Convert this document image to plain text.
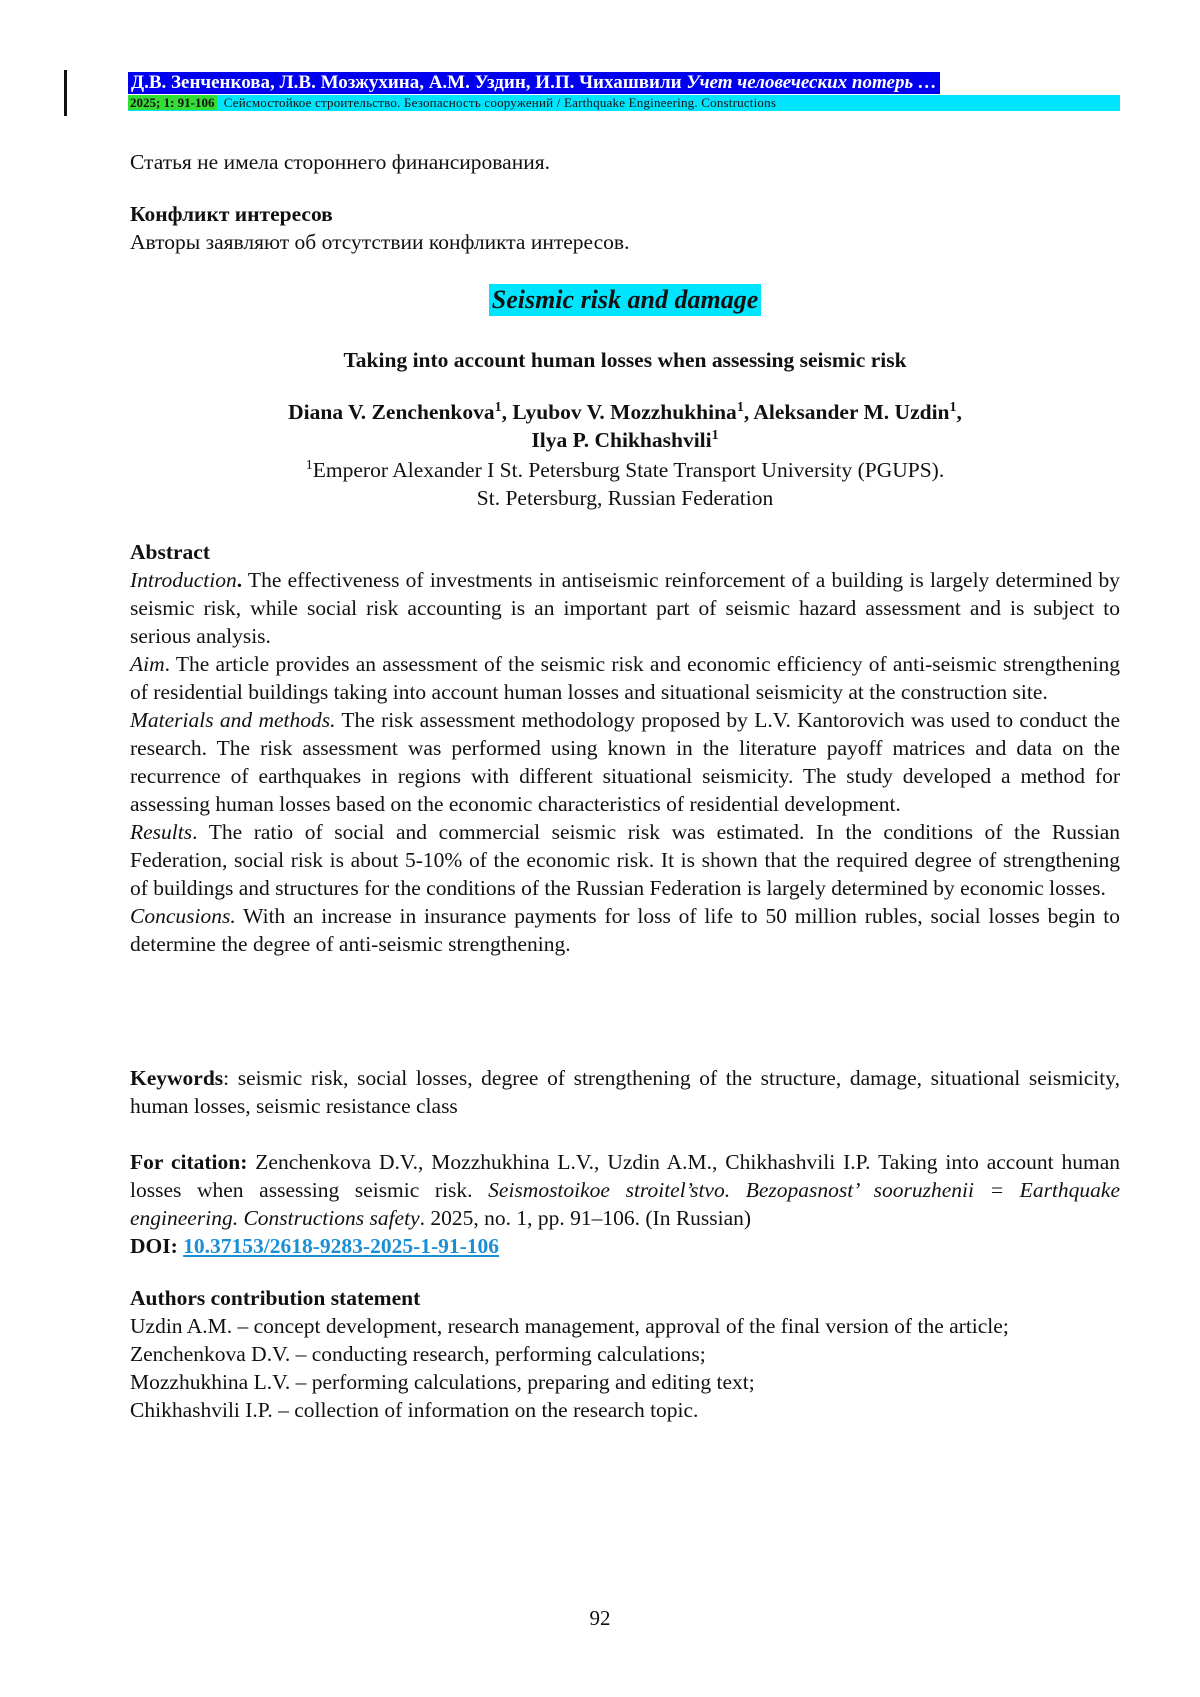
Д.В. Зенченкова, Л.В. Мозжухина, А.М. Уздин, И.П. Чихашвили Учет человеческих потерь …
2025; 1: 91-106 Сейсмостойкое строительство. Безопасность сооружений / Earthquake Engineering. Constructions

Статья не имела стороннего финансирования.

Конфликт интересов

Авторы заявляют об отсутствии конфликта интересов.

Seismic risk and damage

Taking into account human losses when assessing seismic risk

Diana V. Zenchenkova1, Lyubov V. Mozzhukhina1, Aleksander M. Uzdin1,

Ilya P. Chikhashvili1

1Emperor Alexander I St. Petersburg State Transport University (PGUPS).

St. Petersburg, Russian Federation

Abstract

Introduction. The effectiveness of investments in antiseismic reinforcement of a building is largely determined by seismic risk, while social risk accounting is an important part of seismic hazard assessment and is subject to serious analysis.

Aim. The article provides an assessment of the seismic risk and economic efficiency of anti-seismic strengthening of residential buildings taking into account human losses and situational seismicity at the construction site.

Materials and methods. The risk assessment methodology proposed by L.V. Kantorovich was used to conduct the research. The risk assessment was performed using known in the literature payoff matrices and data on the recurrence of earthquakes in regions with different situational seismicity. The study developed a method for assessing human losses based on the economic characteristics of residential development.

Results. The ratio of social and commercial seismic risk was estimated. In the conditions of the Russian Federation, social risk is about 5-10% of the economic risk. It is shown that the required degree of strengthening of buildings and structures for the conditions of the Russian Federation is largely determined by economic losses.

Concusions. With an increase in insurance payments for loss of life to 50 million rubles, social losses begin to determine the degree of anti-seismic strengthening.

Keywords: seismic risk, social losses, degree of strengthening of the structure, damage, situational seismicity, human losses, seismic resistance class

For citation: Zenchenkova D.V., Mozzhukhina L.V., Uzdin A.M., Chikhashvili I.P. Taking into account human losses when assessing seismic risk. Seismostoikoe stroitel’stvo. Bezopasnost’ sooruzhenii = Earthquake engineering. Constructions safety. 2025, no. 1, pp. 91–106. (In Russian)

DOI: 10.37153/2618-9283-2025-1-91-106

Authors contribution statement

Uzdin A.M. – concept development, research management, approval of the final version of the article;

Zenchenkova D.V. – conducting research, performing calculations;

Mozzhukhina L.V. – performing calculations, preparing and editing text;

Chikhashvili I.P. – collection of information on the research topic.

92
